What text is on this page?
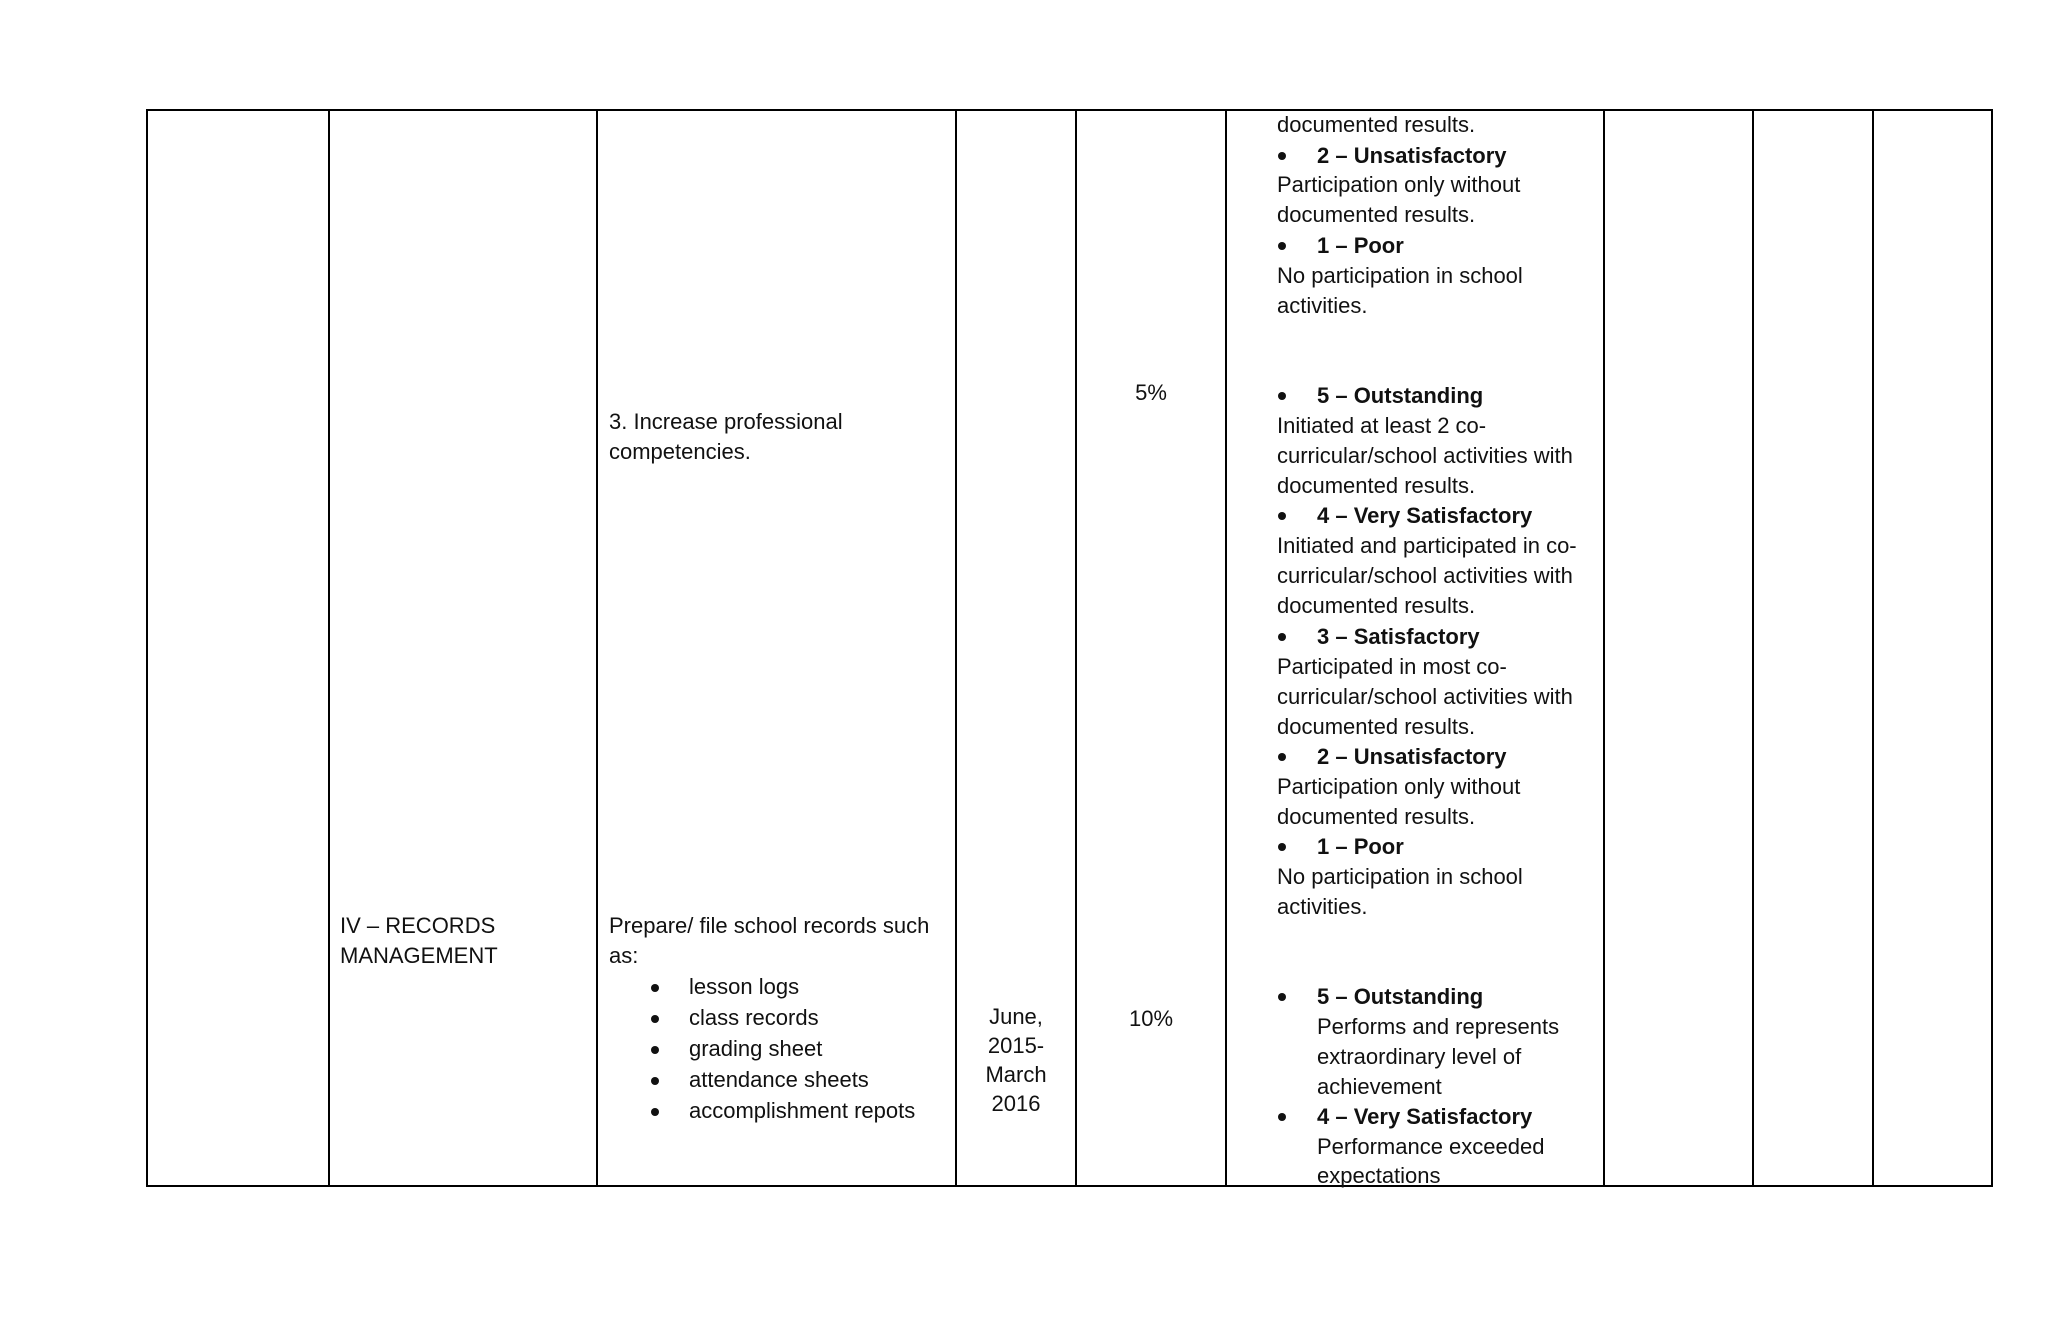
IV – RECORDS
MANAGEMENT
3. Increase professional
competencies.
Prepare/ file school records such
as:
lesson logs
class records
grading sheet
attendance sheets
accomplishment repots
June,
2015-
March
2016
5%
10%
documented results.
2 – Unsatisfactory
Participation only without
documented results.
1 – Poor
No participation in school
activities.
5 – Outstanding
Initiated at least 2 co-
curricular/school activities with
documented results.
4 – Very Satisfactory
Initiated and participated in co-
curricular/school activities with
documented results.
3 – Satisfactory
Participated in most co-
curricular/school activities with
documented results.
2 – Unsatisfactory
Participation only without
documented results.
1 – Poor
No participation in school
activities.
5 – Outstanding
Performs and represents
extraordinary level of
achievement
4 – Very Satisfactory
Performance exceeded
expectations
